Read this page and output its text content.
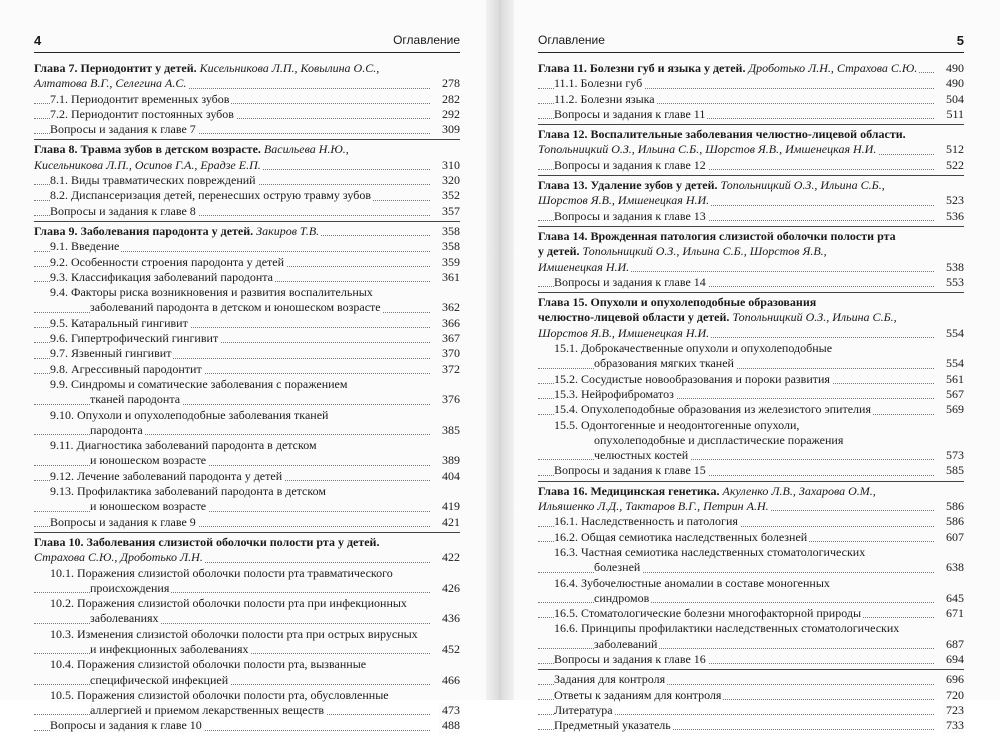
4	Оглавление
Глава 7. Периодонтит у детей. Кисельникова Л.П., Ковылина О.С.,
Алтатова В.Г., Селегина А.С.	278
7.1. Периодонтит временных зубов	282
7.2. Периодонтит постоянных зубов	292
Вопросы и задания к главе 7	309
Глава 8. Травма зубов в детском возрасте. Васильева Н.Ю.,
Кисельникова Л.П., Осипов Г.А., Ерадзе Е.П.	310
8.1. Виды травматических повреждений	320
8.2. Диспансеризация детей, перенесших острую травму зубов	352
Вопросы и задания к главе 8	357
Глава 9. Заболевания пародонта у детей. Закиров Т.В.	358
9.1. Введение	358
9.2. Особенности строения пародонта у детей	359
9.3. Классификация заболеваний пародонта	361
9.4. Факторы риска возникновения и развития воспалительных
заболеваний пародонта в детском и юношеском возрасте	362
9.5. Катаральный гингивит	366
9.6. Гипертрофический гингивит	367
9.7. Язвенный гингивит	370
9.8. Агрессивный пародонтит	372
9.9. Синдромы и соматические заболевания с поражением
тканей пародонта	376
9.10. Опухоли и опухолеподобные заболевания тканей
пародонта	385
9.11. Диагностика заболеваний пародонта в детском
и юношеском возрасте	389
9.12. Лечение заболеваний пародонта у детей	404
9.13. Профилактика заболеваний пародонта в детском
и юношеском возрасте	419
Вопросы и задания к главе 9	421
Глава 10. Заболевания слизистой оболочки полости рта у детей.
Страхова С.Ю., Дроботько Л.Н.	422
10.1. Поражения слизистой оболочки полости рта травматического
происхождения	426
10.2. Поражения слизистой оболочки полости рта при инфекционных
заболеваниях	436
10.3. Изменения слизистой оболочки полости рта при острых вирусных
и инфекционных заболеваниях	452
10.4. Поражения слизистой оболочки полости рта, вызванные
специфической инфекцией	466
10.5. Поражения слизистой оболочки полости рта, обусловленные
аллергией и приемом лекарственных веществ	473
Вопросы и задания к главе 10	488
Оглавление	5
Глава 11. Болезни губ и языка у детей. Дроботько Л.Н., Страхова С.Ю. 490
11.1. Болезни губ	490
11.2. Болезни языка	504
Вопросы и задания к главе 11	511
Глава 12. Воспалительные заболевания челюстно-лицевой области.
Топольницкий О.З., Ильина С.Б., Шорстов Я.В., Имшенецкая Н.И.	512
Вопросы и задания к главе 12	522
Глава 13. Удаление зубов у детей. Топольницкий О.З., Ильина С.Б.,
Шорстов Я.В., Имшенецкая Н.И.	523
Вопросы и задания к главе 13	536
Глава 14. Врожденная патология слизистой оболочки полости рта
у детей. Топольницкий О.З., Ильина С.Б., Шорстов Я.В.,
Имшенецкая Н.И.	538
Вопросы и задания к главе 14	553
Глава 15. Опухоли и опухолеподобные образования
челюстно-лицевой области у детей. Топольницкий О.З., Ильина С.Б.,
Шорстов Я.В., Имшенецкая Н.И.	554
15.1. Доброкачественные опухоли и опухолеподобные
образования мягких тканей	554
15.2. Сосудистые новообразования и пороки развития	561
15.3. Нейрофиброматоз	567
15.4. Опухолеподобные образования из железистого эпителия	569
15.5. Одонтогенные и неодонтогенные опухоли,
опухолеподобные и диспластические поражения
челюстных костей	573
Вопросы и задания к главе 15	585
Глава 16. Медицинская генетика. Акуленко Л.В., Захарова О.М.,
Ильяшенко Л.Д., Тактаров В.Г., Петрин А.Н.	586
16.1. Наследственность и патология	586
16.2. Общая семиотика наследственных болезней	607
16.3. Частная семиотика наследственных стоматологических
болезней	638
16.4. Зубочелюстные аномалии в составе моногенных
синдромов	645
16.5. Стоматологические болезни многофакторной природы	671
16.6. Принципы профилактики наследственных стоматологических
заболеваний	687
Вопросы и задания к главе 16	694
Задания для контроля	696
Ответы к заданиям для контроля	720
Литература	723
Предметный указатель	733
